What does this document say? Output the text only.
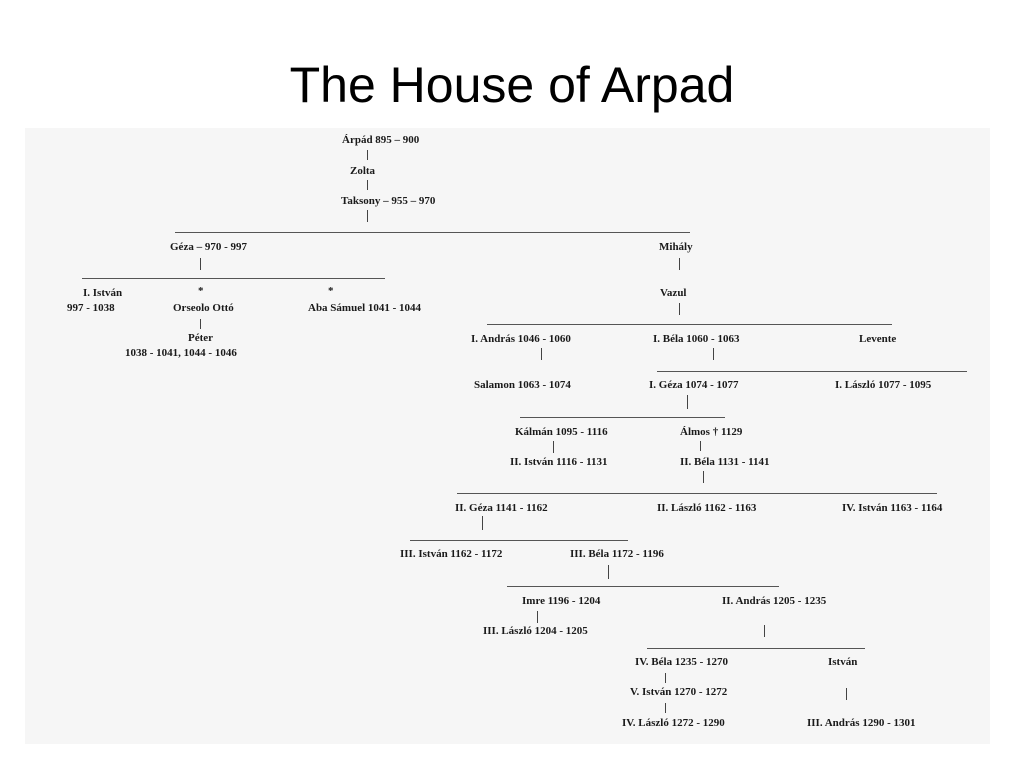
The House of Arpad
Árpád 895 – 900
Zolta
Taksony – 955 – 970
Géza – 970 - 997	Mihály
I. István
997 - 1038
*
Orseolo Ottó
*
Aba Sámuel 1041 - 1044
Péter
1038 - 1041, 1044 - 1046
Vazul
I. András 1046 - 1060	I. Béla 1060 - 1063	Levente
Salamon 1063 - 1074	I. Géza 1074 - 1077	I. László 1077 - 1095
Kálmán 1095 - 1116	Álmos † 1129
II. István 1116 - 1131	II. Béla 1131 - 1141
II. Géza 1141 - 1162	II. László 1162 - 1163	IV. István 1163 - 1164
III. István 1162 - 1172	III. Béla 1172 - 1196
Imre 1196 - 1204	II. András 1205 - 1235
III. László 1204 - 1205
IV. Béla 1235 - 1270	István
V. István 1270 - 1272
IV. László 1272 - 1290	III. András 1290 - 1301
